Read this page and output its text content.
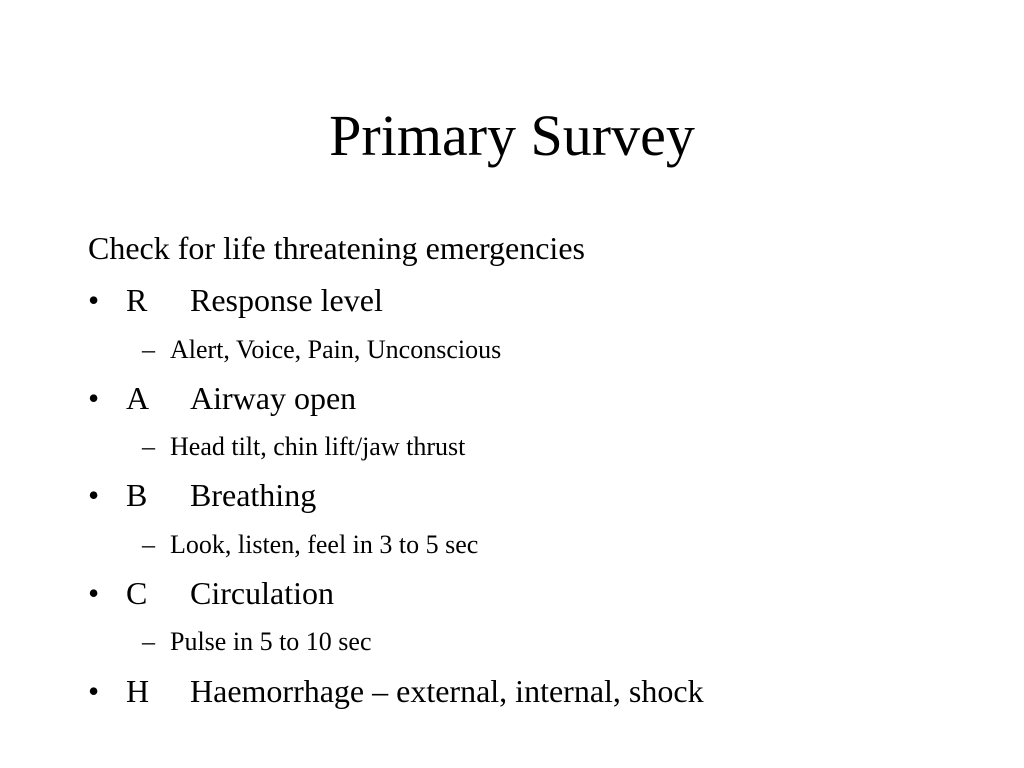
Primary Survey
Check for life threatening emergencies
• R Response level
– Alert, Voice, Pain, Unconscious
• A Airway open
– Head tilt, chin lift/jaw thrust
• B Breathing
– Look, listen, feel in 3 to 5 sec
• C Circulation
– Pulse in 5 to 10 sec
• H Haemorrhage – external, internal, shock
